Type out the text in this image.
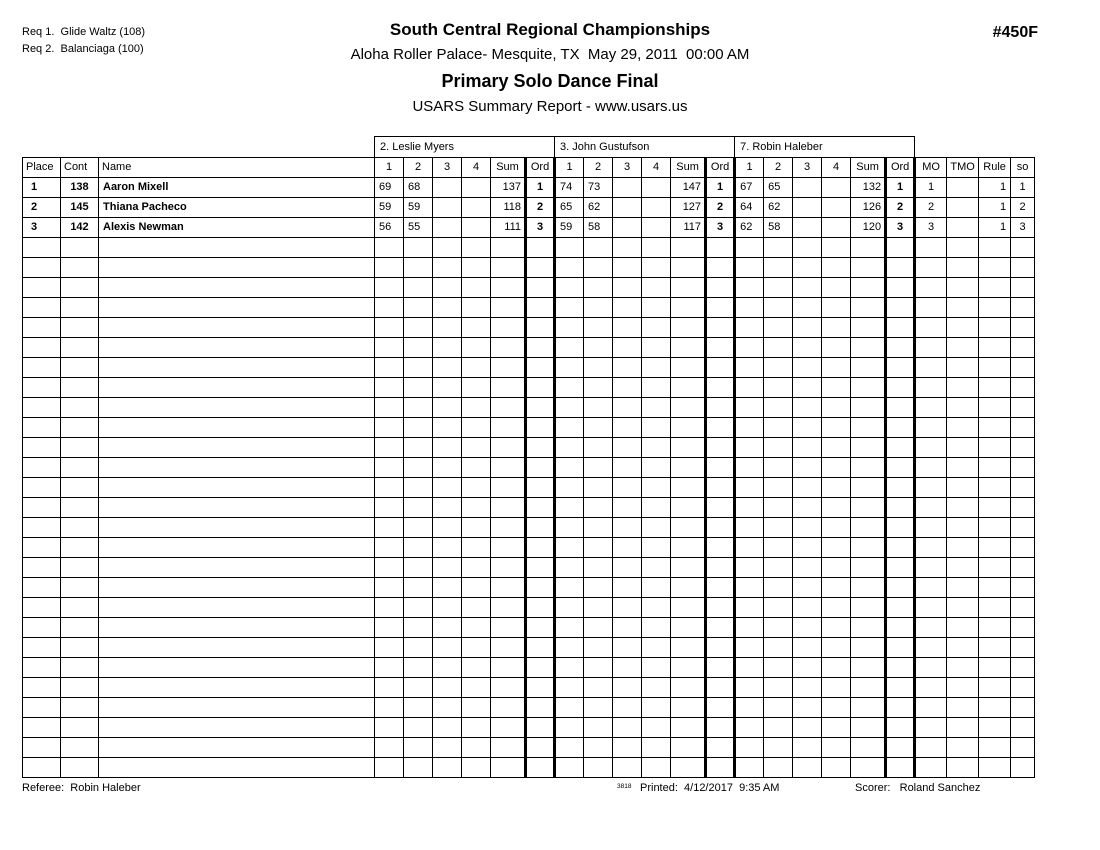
Req 1.  Glide Waltz (108)
Req 2.  Balanciaga (100)
South Central Regional Championships
Aloha Roller Palace- Mesquite, TX  May 29, 2011  00:00 AM
Primary Solo Dance Final
USARS Summary Report - www.usars.us
#450F
			2. Leslie Myers						3. John Gustufson						7. Robin Haleber									
Place	Cont	Name	1	2	3	4	Sum	Ord	1	2	3	4	Sum	Ord	1	2	3	4	Sum	Ord	MO	TMO	Rule	so
1	138	Aaron Mixell	69	68			137	1	74	73			147	1	67	65			132	1	1		1	1
2	145	Thiana Pacheco	59	59			118	2	65	62			127	2	64	62			126	2	2		1	2
3	142	Alexis Newman	56	55			111	3	59	58			117	3	62	58			120	3	3		1	3

Referee:  Robin Haleber	3818 Printed:  4/12/2017  9:35 AM	Scorer:   Roland Sanchez
